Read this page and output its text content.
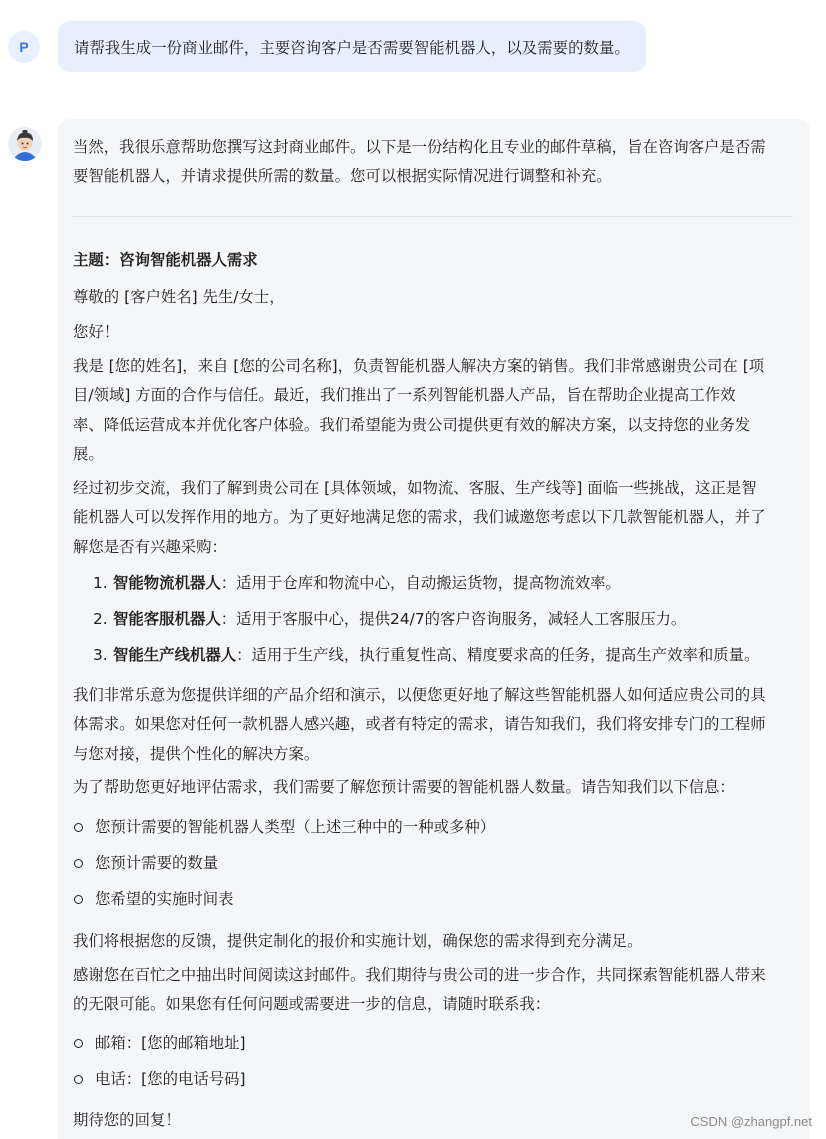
P	请帮我生成一份商业邮件，主要咨询客户是否需要智能机器人，以及需要的数量。
当然，我很乐意帮助您撰写这封商业邮件。以下是一份结构化且专业的邮件草稿，旨在咨询客户是否需
要智能机器人，并请求提供所需的数量。您可以根据实际情况进行调整和补充。
主题：咨询智能机器人需求
尊敬的 [客户姓名] 先生/女士，
您好！
我是 [您的姓名]，来自 [您的公司名称]，负责智能机器人解决方案的销售。我们非常感谢贵公司在 [项
目/领域] 方面的合作与信任。最近，我们推出了一系列智能机器人产品，旨在帮助企业提高工作效
率、降低运营成本并优化客户体验。我们希望能为贵公司提供更有效的解决方案，以支持您的业务发
展。
经过初步交流，我们了解到贵公司在 [具体领域，如物流、客服、生产线等] 面临一些挑战，这正是智
能机器人可以发挥作用的地方。为了更好地满足您的需求，我们诚邀您考虑以下几款智能机器人，并了
解您是否有兴趣采购：
1. 智能物流机器人：适用于仓库和物流中心，自动搬运货物，提高物流效率。
2. 智能客服机器人：适用于客服中心，提供24/7的客户咨询服务，减轻人工客服压力。
3. 智能生产线机器人：适用于生产线，执行重复性高、精度要求高的任务，提高生产效率和质量。
我们非常乐意为您提供详细的产品介绍和演示，以便您更好地了解这些智能机器人如何适应贵公司的具
体需求。如果您对任何一款机器人感兴趣，或者有特定的需求，请告知我们，我们将安排专门的工程师
与您对接，提供个性化的解决方案。
为了帮助您更好地评估需求，我们需要了解您预计需要的智能机器人数量。请告知我们以下信息：
您预计需要的智能机器人类型（上述三种中的一种或多种）
您预计需要的数量
您希望的实施时间表
我们将根据您的反馈，提供定制化的报价和实施计划，确保您的需求得到充分满足。
感谢您在百忙之中抽出时间阅读这封邮件。我们期待与贵公司的进一步合作，共同探索智能机器人带来
的无限可能。如果您有任何问题或需要进一步的信息，请随时联系我：
邮箱：[您的邮箱地址]
电话：[您的电话号码]
期待您的回复！	CSDN @zhangpf.net
